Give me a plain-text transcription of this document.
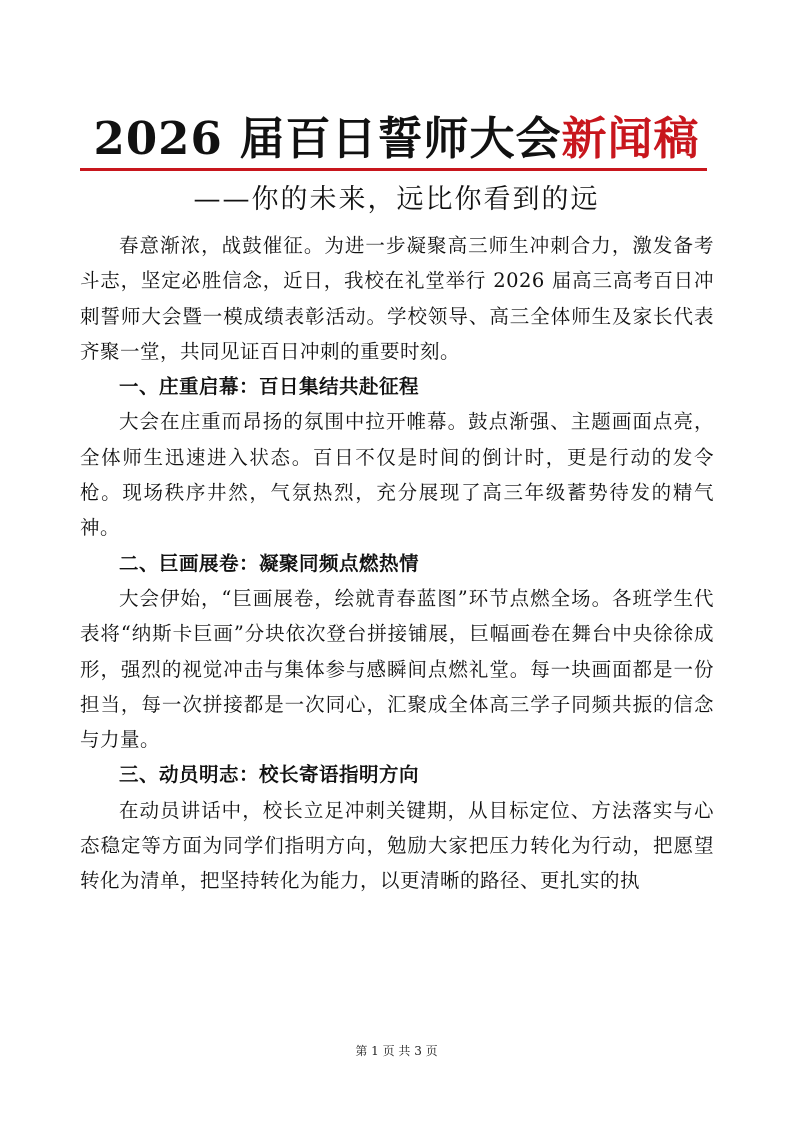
2026 届百日誓师大会新闻稿
——你的未来，远比你看到的远

春意渐浓，战鼓催征。为进一步凝聚高三师生冲刺合力，激发备考斗志，坚定必胜信念，近日，我校在礼堂举行 2026 届高三高考百日冲刺誓师大会暨一模成绩表彰活动。学校领导、高三全体师生及家长代表齐聚一堂，共同见证百日冲刺的重要时刻。

一、庄重启幕：百日集结共赴征程

大会在庄重而昂扬的氛围中拉开帷幕。鼓点渐强、主题画面点亮，全体师生迅速进入状态。百日不仅是时间的倒计时，更是行动的发令枪。现场秩序井然，气氛热烈，充分展现了高三年级蓄势待发的精气神。

二、巨画展卷：凝聚同频点燃热情

大会伊始，“巨画展卷，绘就青春蓝图”环节点燃全场。各班学生代表将“纳斯卡巨画”分块依次登台拼接铺展，巨幅画卷在舞台中央徐徐成形，强烈的视觉冲击与集体参与感瞬间点燃礼堂。每一块画面都是一份担当，每一次拼接都是一次同心，汇聚成全体高三学子同频共振的信念与力量。

三、动员明志：校长寄语指明方向

在动员讲话中，校长立足冲刺关键期，从目标定位、方法落实与心态稳定等方面为同学们指明方向，勉励大家把压力转化为行动，把愿望转化为清单，把坚持转化为能力，以更清晰的路径、更扎实的执

第 1 页 共 3 页
